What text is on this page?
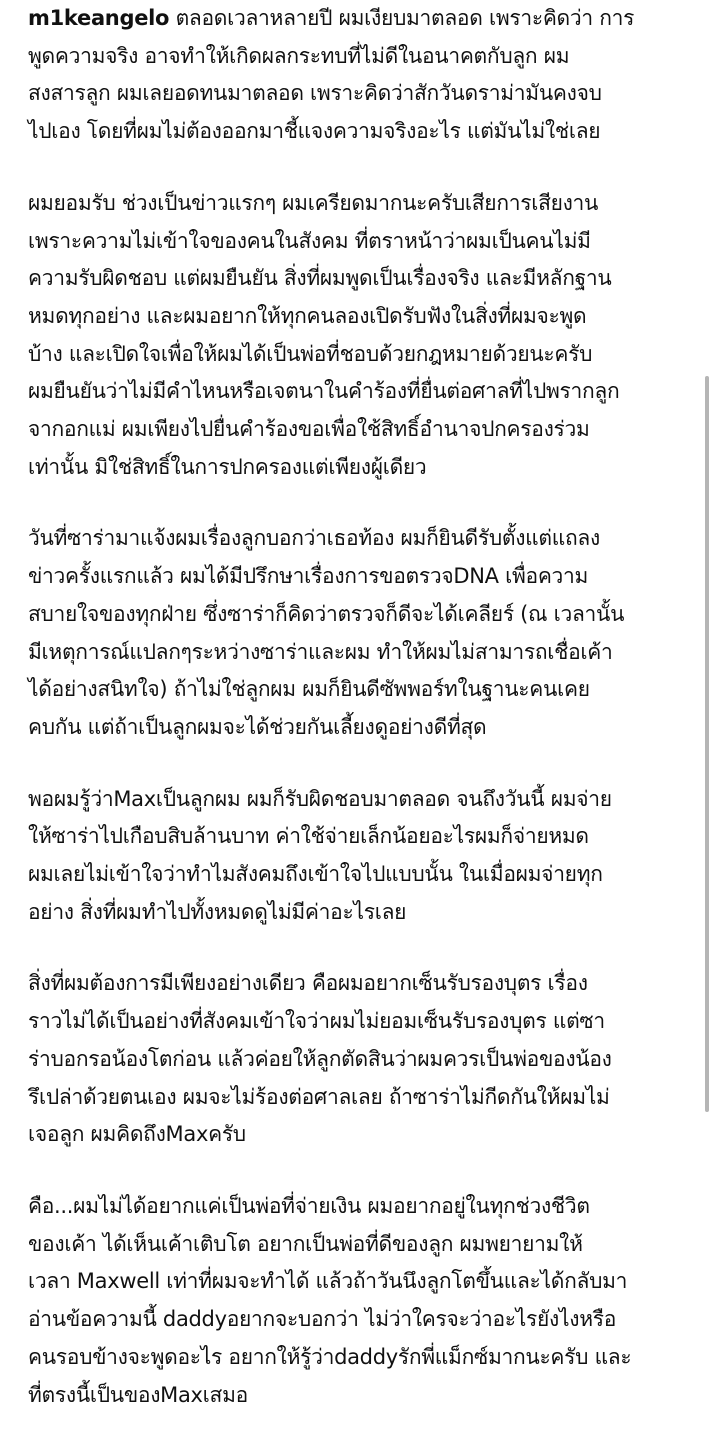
m1keangelo ตลอดเวลาหลายปี ผมเงียบมาตลอด เพราะคิดว่า การ
พูดความจริง อาจทำให้เกิดผลกระทบที่ไม่ดีในอนาคตกับลูก ผม
สงสารลูก ผมเลยอดทนมาตลอด เพราะคิดว่าสักวันดราม่ามันคงจบ
ไปเอง โดยที่ผมไม่ต้องออกมาชี้แจงความจริงอะไร แต่มันไม่ใช่เลย

ผมยอมรับ ช่วงเป็นข่าวแรกๆ ผมเครียดมากนะครับเสียการเสียงาน
เพราะความไม่เข้าใจของคนในสังคม ที่ตราหน้าว่าผมเป็นคนไม่มี
ความรับผิดชอบ แต่ผมยืนยัน สิ่งที่ผมพูดเป็นเรื่องจริง และมีหลักฐาน
หมดทุกอย่าง และผมอยากให้ทุกคนลองเปิดรับฟังในสิ่งที่ผมจะพูด
บ้าง และเปิดใจเพื่อให้ผมได้เป็นพ่อที่ชอบด้วยกฎหมายด้วยนะครับ
ผมยืนยันว่าไม่มีคำไหนหรือเจตนาในคำร้องที่ยื่นต่อศาลที่ไปพรากลูก
จากอกแม่ ผมเพียงไปยื่นคำร้องขอเพื่อใช้สิทธิ์อำนาจปกครองร่วม
เท่านั้น มิใช่สิทธิ์ในการปกครองแต่เพียงผู้เดียว

วันที่ซาร่ามาแจ้งผมเรื่องลูกบอกว่าเธอท้อง ผมก็ยินดีรับตั้งแต่แถลง
ข่าวครั้งแรกแล้ว ผมได้มีปรึกษาเรื่องการขอตรวจDNA เพื่อความ
สบายใจของทุกฝ่าย ซึ่งซาร่าก็คิดว่าตรวจก็ดีจะได้เคลียร์ (ณ เวลานั้น
มีเหตุการณ์แปลกๆระหว่างซาร่าและผม ทำให้ผมไม่สามารถเชื่อเค้า
ได้อย่างสนิทใจ) ถ้าไม่ใช่ลูกผม ผมก็ยินดีซัพพอร์ทในฐานะคนเคย
คบกัน แต่ถ้าเป็นลูกผมจะได้ช่วยกันเลี้ยงดูอย่างดีที่สุด

พอผมรู้ว่าMaxเป็นลูกผม ผมก็รับผิดชอบมาตลอด จนถึงวันนี้ ผมจ่าย
ให้ซาร่าไปเกือบสิบล้านบาท ค่าใช้จ่ายเล็กน้อยอะไรผมก็จ่ายหมด
ผมเลยไม่เข้าใจว่าทำไมสังคมถึงเข้าใจไปแบบนั้น ในเมื่อผมจ่ายทุก
อย่าง สิ่งที่ผมทำไปทั้งหมดดูไม่มีค่าอะไรเลย

สิ่งที่ผมต้องการมีเพียงอย่างเดียว คือผมอยากเซ็นรับรองบุตร เรื่อง
ราวไม่ได้เป็นอย่างที่สังคมเข้าใจว่าผมไม่ยอมเซ็นรับรองบุตร แต่ซา
ร่าบอกรอน้องโตก่อน แล้วค่อยให้ลูกตัดสินว่าผมควรเป็นพ่อของน้อง
รึเปล่าด้วยตนเอง ผมจะไม่ร้องต่อศาลเลย ถ้าซาร่าไม่กีดกันให้ผมไม่
เจอลูก ผมคิดถึงMaxครับ

คือ...ผมไม่ได้อยากแค่เป็นพ่อที่จ่ายเงิน ผมอยากอยู่ในทุกช่วงชีวิต
ของเค้า ได้เห็นเค้าเติบโต อยากเป็นพ่อที่ดีของลูก ผมพยายามให้
เวลา Maxwell เท่าที่ผมจะทำได้ แล้วถ้าวันนึงลูกโตขึ้นและได้กลับมา
อ่านข้อความนี้ daddyอยากจะบอกว่า ไม่ว่าใครจะว่าอะไรยังไงหรือ
คนรอบข้างจะพูดอะไร อยากให้รู้ว่าdaddyรักพี่แม็กซ์มากนะครับ และ
ที่ตรงนี้เป็นของMaxเสมอ
